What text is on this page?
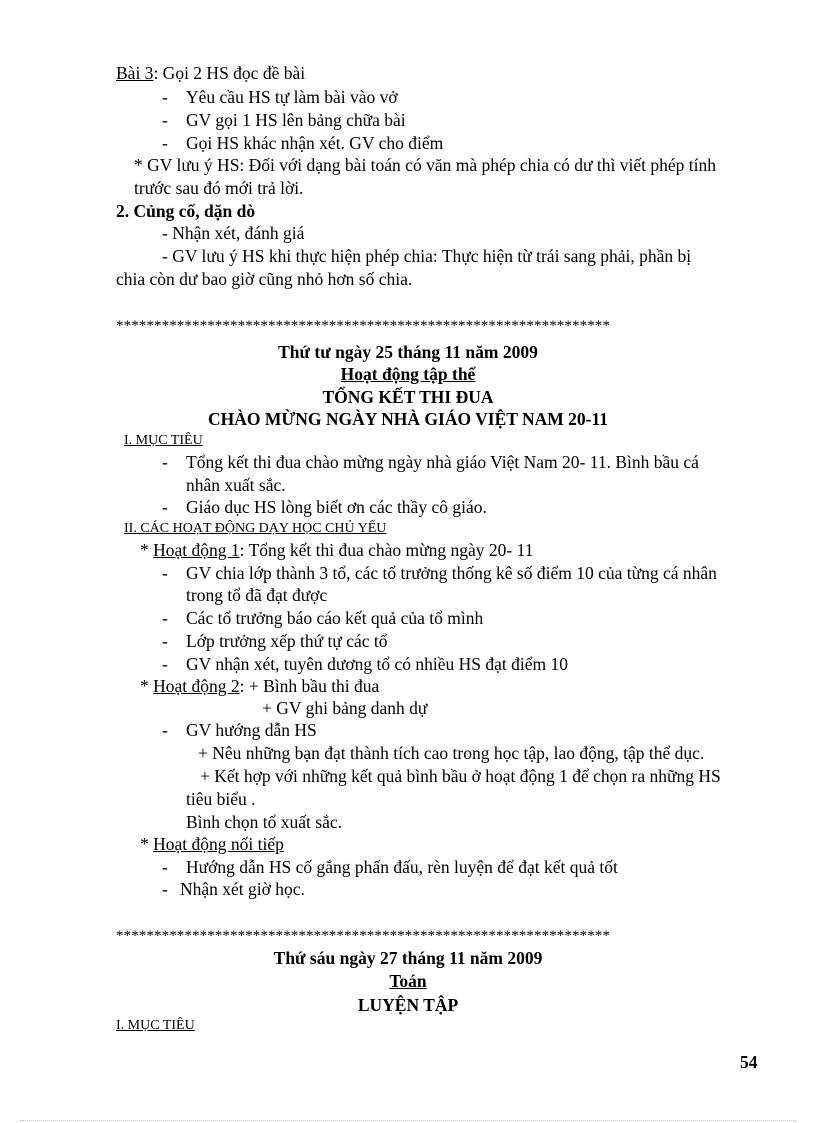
Bài 3: Gọi 2 HS đọc đề bài
- Yêu cầu HS tự làm bài vào vở
- GV gọi 1 HS lên bảng chữa bài
- Gọi HS khác nhận xét. GV cho điểm
* GV lưu ý HS: Đối với dạng bài toán có văn mà phép chia có dư thì viết phép tính
trước sau đó mới trả lời.
2. Củng cố, dặn dò
- Nhận xét, đánh giá
- GV lưu ý HS khi thực hiện phép chia: Thực hiện từ trái sang phải, phần bị
chia còn dư bao giờ cũng nhỏ hơn số chia.
*****************************************************************
Thứ tư ngày 25 tháng 11 năm 2009
Hoạt động tập thể
TỔNG KẾT THI ĐUA
CHÀO MỪNG NGÀY NHÀ GIÁO VIỆT NAM 20-11
I. MỤC TIÊU
- Tổng kết thi đua chào mừng ngày nhà giáo Việt Nam 20- 11. Bình bầu cá
nhân xuất sắc.
- Giáo dục HS lòng biết ơn các thầy cô giáo.
II. CÁC HOẠT ĐỘNG DẠY HỌC CHỦ YẾU
* Hoạt động 1: Tổng kết thi đua chào mừng ngày 20- 11
- GV chia lớp thành 3 tổ, các tổ trưởng thống kê số điểm 10 của từng cá nhân
trong tổ đã đạt được
- Các tổ trưởng báo cáo kết quả của tổ mình
- Lớp trưởng xếp thứ tự các tổ
- GV nhận xét, tuyên dương tổ có nhiều HS đạt điểm 10
* Hoạt động 2: + Bình bầu thi đua
+ GV ghi bảng danh dự
- GV hướng dẫn HS
+ Nêu những bạn đạt thành tích cao trong học tập, lao động, tập thể dục.
+ Kết hợp với những kết quả bình bầu ở hoạt động 1 để chọn ra những HS
tiêu biểu .
Bình chọn tổ xuất sắc.
* Hoạt động nối tiếp
- Hướng dẫn HS cố gắng phấn đấu, rèn luyện để đạt kết quả tốt
- Nhận xét giờ học.
*****************************************************************
Thứ sáu ngày 27 tháng 11 năm 2009
Toán
LUYỆN TẬP
I. MỤC TIÊU
54
